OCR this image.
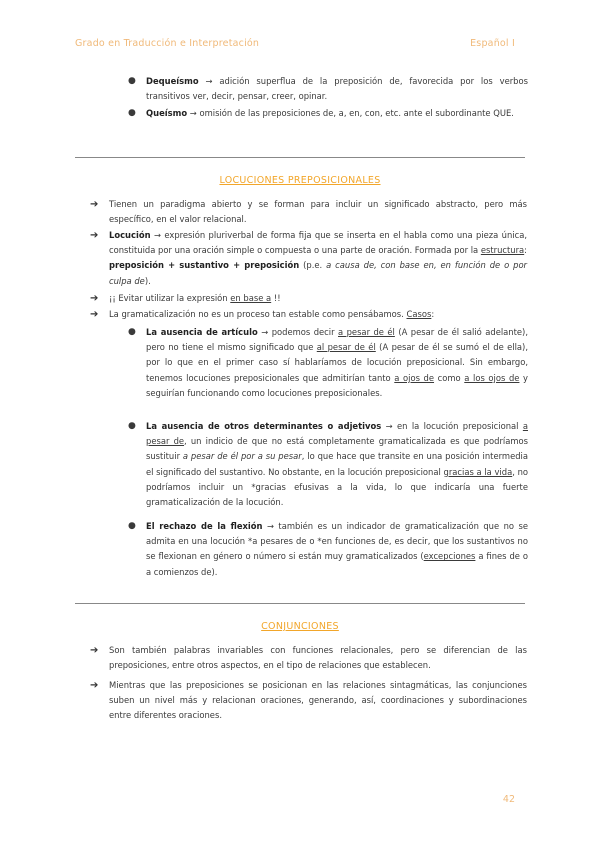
Grado en Traducción e Interpretación	Español I
● Dequeísmo → adición superflua de la preposición de, favorecida por los verbos transitivos ver, decir, pensar, creer, opinar.
● Queísmo → omisión de las preposiciones de, a, en, con, etc. ante el subordinante QUE.
LOCUCIONES PREPOSICIONALES
➔ Tienen un paradigma abierto y se forman para incluir un significado abstracto, pero más específico, en el valor relacional.
➔ Locución → expresión pluriverbal de forma fija que se inserta en el habla como una pieza única, constituida por una oración simple o compuesta o una parte de oración. Formada por la estructura: preposición + sustantivo + preposición (p.e. a causa de, con base en, en función de o por culpa de).
➔ ¡¡ Evitar utilizar la expresión en base a !!
➔ La gramaticalización no es un proceso tan estable como pensábamos. Casos:
● La ausencia de artículo → podemos decir a pesar de él (A pesar de él salió adelante), pero no tiene el mismo significado que al pesar de él (A pesar de él se sumó el de ella), por lo que en el primer caso sí hablaríamos de locución preposicional. Sin embargo, tenemos locuciones preposicionales que admitirían tanto a ojos de como a los ojos de y seguirían funcionando como locuciones preposicionales.
● La ausencia de otros determinantes o adjetivos → en la locución preposicional a pesar de, un indicio de que no está completamente gramaticalizada es que podríamos sustituir a pesar de él por a su pesar, lo que hace que transite en una posición intermedia el significado del sustantivo. No obstante, en la locución preposicional gracias a la vida, no podríamos incluir un *gracias efusivas a la vida, lo que indicaría una fuerte gramaticalización de la locución.
● El rechazo de la flexión → también es un indicador de gramaticalización que no se admita en una locución *a pesares de o *en funciones de, es decir, que los sustantivos no se flexionan en género o número si están muy gramaticalizados (excepciones a fines de o a comienzos de).
CONJUNCIONES
➔ Son también palabras invariables con funciones relacionales, pero se diferencian de las preposiciones, entre otros aspectos, en el tipo de relaciones que establecen.
➔ Mientras que las preposiciones se posicionan en las relaciones sintagmáticas, las conjunciones suben un nivel más y relacionan oraciones, generando, así, coordinaciones y subordinaciones entre diferentes oraciones.
42
